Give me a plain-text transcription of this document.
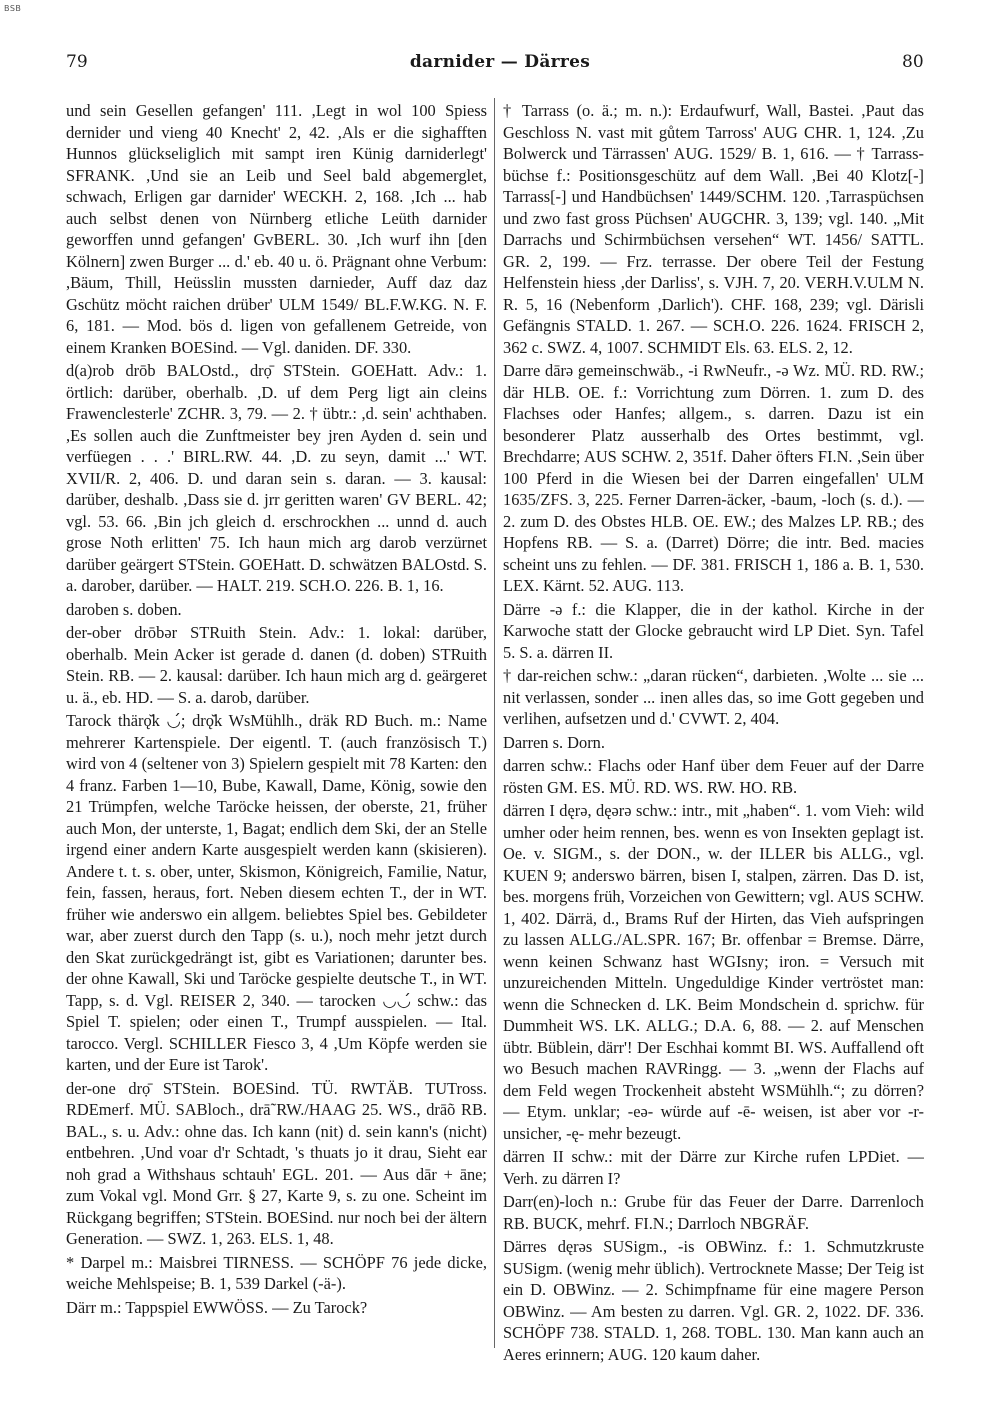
BSB
79	darnider — Därres	80

und sein Gesellen gefangen' 111. ,Legt in wol 100 Spiess dernider und vieng 40 Knecht' 2, 42. ,Als er die sighafften Hunnos glückseliglich mit sampt iren Künig darniderlegt' SFRANK. ,Und sie an Leib und Seel bald abgemerglet, schwach, Erligen gar darnider' WECKH. 2, 168. ,Ich ... hab auch selbst denen von Nürnberg etliche Leüth darnider geworffen unnd gefangen' GvBERL. 30. ,Ich wurf ihn [den Kölnern] zwen Burger ... d.' eb. 40 u. ö. Prägnant ohne Verbum: ,Bäum, Thill, Heüsslin mussten darnieder, Auff daz daz Gschütz möcht raichen drüber' ULM 1549/ BL.F.W.KG. N. F. 6, 181. — Mod. bös d. ligen von gefallenem Getreide, von einem Kranken BOESind. — Vgl. daniden. DF. 330.

d(a)rob drōb BALOstd., drọ̄ STStein. GOEHatt. Adv.: 1. örtlich: darüber, oberhalb. ,D. uf dem Perg ligt ain cleins Frawenclesterle' ZCHR. 3, 79. — 2. † übtr.: ,d. sein' achthaben. ,Es sollen auch die Zunftmeister bey jren Ayden d. sein und verfüegen . . .' BIRL.RW. 44. ,D. zu seyn, damit ...' WT. XVII/R. 2, 406. D. und daran sein s. daran. — 3. kausal: darüber, deshalb. ,Dass sie d. jrr geritten waren' GV BERL. 42; vgl. 53. 66. ,Bin jch gleich d. erschrockhen ... unnd d. auch grose Noth erlitten' 75. Ich haun mich arg darob verzürnet darüber geärgert STStein. GOEHatt. D. schwätzen BALOstd. S. a. darober, darüber. — HALT. 219. SCH.O. 226. B. 1, 16.

daroben s. doben.

der-ober drōbər STRuith Stein. Adv.: 1. lokal: darüber, oberhalb. Mein Acker ist gerade d. danen (d. doben) STRuith Stein. RB. — 2. kausal: darüber. Ich haun mich arg d. geärgeret u. ä., eb. HD. — S. a. darob, darüber.

Tarock thärǫ̆k ◡́; drǫ̆k WsMühlh., dräk RD Buch. m.: Name mehrerer Kartenspiele. Der eigentl. T. (auch französisch T.) wird von 4 (seltener von 3) Spielern gespielt mit 78 Karten: den 4 franz. Farben 1—10, Bube, Kawall, Dame, König, sowie den 21 Trümpfen, welche Taröcke heissen, der oberste, 21, früher auch Mon, der unterste, 1, Bagat; endlich dem Ski, der an Stelle irgend einer andern Karte ausgespielt werden kann (skisieren). Andere t. t. s. ober, unter, Skismon, Königreich, Familie, Natur, fein, fassen, heraus, fort. Neben diesem echten T., der in WT. früher wie anderswo ein allgem. beliebtes Spiel bes. Gebildeter war, aber zuerst durch den Tapp (s. u.), noch mehr jetzt durch den Skat zurückgedrängt ist, gibt es Variationen; darunter bes. der ohne Kawall, Ski und Taröcke gespielte deutsche T., in WT. Tapp, s. d. Vgl. REISER 2, 340. — tarocken ◡◡́ schw.: das Spiel T. spielen; oder einen T., Trumpf ausspielen. — Ital. tarocco. Vergl. SCHILLER Fiesco 3, 4 ,Um Köpfe werden sie karten, und der Eure ist Tarok'.

der-one drọ̄ STStein. BOESind. TÜ. RWTÄB. TUTross. RDEmerf. MÜ. SABloch., drā̃ RW./HAAG 25. WS., drāõ RB. BAL., s. u. Adv.: ohne das. Ich kann (nit) d. sein kann's (nicht) entbehren. ,Und voar d'r Schtadt, 's thuats jo it drau, Sieht ear noh grad a Withshaus schtauh' EGL. 201. — Aus dār + āne; zum Vokal vgl. Mond Grr. § 27, Karte 9, s. zu one. Scheint im Rückgang begriffen; STStein. BOESind. nur noch bei der ältern Generation. — SWZ. 1, 263. ELS. 1, 48.

* Darpel m.: Maisbrei TIRNESS. — SCHÖPF 76 jede dicke, weiche Mehlspeise; B. 1, 539 Darkel (-ä-).

Därr m.: Tappspiel EWWÖSS. — Zu Tarock?

† Tarrass (o. ä.; m. n.): Erdaufwurf, Wall, Bastei. ,Paut das Geschloss N. vast mit gůtem Tarross' AUG CHR. 1, 124. ,Zu Bolwerck und Tärrassen' AUG. 1529/ B. 1, 616. — † Tarrass-büchse f.: Positionsgeschütz auf dem Wall. ,Bei 40 Klotz[-] Tarrass[-] und Handbüchsen' 1449/SCHM. 120. ,Tarraspüchsen und zwo fast gross Püchsen' AUGCHR. 3, 139; vgl. 140. „Mit Darrachs und Schirmbüchsen versehen“ WT. 1456/ SATTL. GR. 2, 199. — Frz. terrasse. Der obere Teil der Festung Helfenstein hiess ,der Darliss', s. VJH. 7, 20. VERH.V.ULM N. R. 5, 16 (Nebenform ,Darlich'). CHF. 168, 239; vgl. Därisli Gefängnis STALD. 1. 267. — SCH.O. 226. 1624. FRISCH 2, 362 c. SWZ. 4, 1007. SCHMIDT Els. 63. ELS. 2, 12.

Darre dārə gemeinschwäb., -i RwNeufr., -ə Wz. MÜ. RD. RW.; där HLB. OE. f.: Vorrichtung zum Dörren. 1. zum D. des Flachses oder Hanfes; allgem., s. darren. Dazu ist ein besonderer Platz ausserhalb des Ortes bestimmt, vgl. Brechdarre; AUS SCHW. 2, 351f. Daher öfters FI.N. ,Sein über 100 Pferd in die Wiesen bei der Darren eingefallen' ULM 1635/ZFS. 3, 225. Ferner Darren-äcker, -baum, -loch (s. d.). — 2. zum D. des Obstes HLB. OE. EW.; des Malzes LP. RB.; des Hopfens RB. — S. a. (Darret) Dörre; die intr. Bed. macies scheint uns zu fehlen. — DF. 381. FRISCH 1, 186 a. B. 1, 530. LEX. Kärnt. 52. AUG. 113.

Därre -ə f.: die Klapper, die in der kathol. Kirche in der Karwoche statt der Glocke gebraucht wird LP Diet. Syn. Tafel 5. S. a. därren II.

† dar-reichen schw.: „daran rücken“, darbieten. ,Wolte ... sie ... nit verlassen, sonder ... inen alles das, so ime Gott gegeben und verlihen, aufsetzen und d.' CVWT. 2, 404.

Darren s. Dorn.

darren schw.: Flachs oder Hanf über dem Feuer auf der Darre rösten GM. ES. MÜ. RD. WS. RW. HO. RB.

därren I dęrə, dęərə schw.: intr., mit „haben“. 1. vom Vieh: wild umher oder heim rennen, bes. wenn es von Insekten geplagt ist. Oe. v. SIGM., s. der DON., w. der ILLER bis ALLG., vgl. KUEN 9; anderswo bärren, bisen I, stalpen, zärren. Das D. ist, bes. morgens früh, Vorzeichen von Gewittern; vgl. AUS SCHW. 1, 402. Därrä, d., Brams Ruf der Hirten, das Vieh aufspringen zu lassen ALLG./AL.SPR. 167; Br. offenbar = Bremse. Därre, wenn keinen Schwanz hast WGIsny; iron. = Versuch mit unzureichenden Mitteln. Ungeduldige Kinder vertröstet man: wenn die Schnecken d. LK. Beim Mondschein d. sprichw. für Dummheit WS. LK. ALLG.; D.A. 6, 88. — 2. auf Menschen übtr. Büblein, därr'! Der Eschhai kommt BI. WS. Auffallend oft wo Besuch machen RAVRingg. — 3. „wenn der Flachs auf dem Feld wegen Trockenheit absteht WSMühlh.“; zu dörren? — Etym. unklar; -eə- würde auf -ē- weisen, ist aber vor -r- unsicher, -ę- mehr bezeugt.

därren II schw.: mit der Därre zur Kirche rufen LPDiet. — Verh. zu därren I?

Darr(en)-loch n.: Grube für das Feuer der Darre. Darrenloch RB. BUCK, mehrf. FI.N.; Darrloch NBGRÄF.

Därres dęrəs SUSigm., -is OBWinz. f.: 1. Schmutzkruste SUSigm. (wenig mehr üblich). Vertrocknete Masse; Der Teig ist ein D. OBWinz. — 2. Schimpfname für eine magere Person OBWinz. — Am besten zu darren. Vgl. GR. 2, 1022. DF. 336. SCHÖPF 738. STALD. 1, 268. TOBL. 130. Man kann auch an Aeres erinnern; AUG. 120 kaum daher.
